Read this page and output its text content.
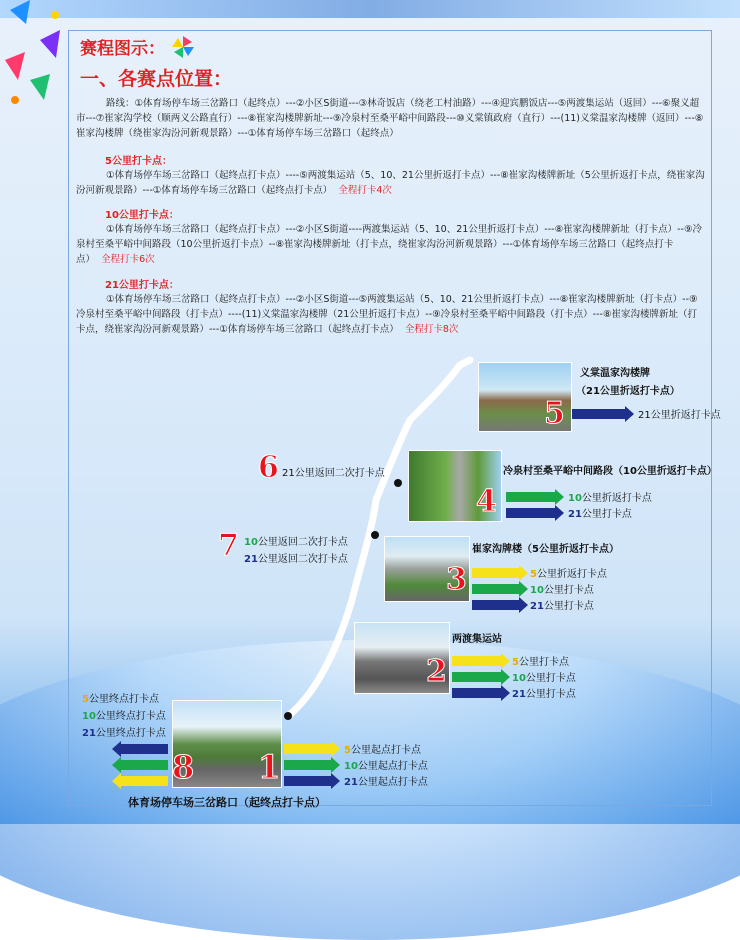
赛程图示：
一、各赛点位置：
路线：①体育场停车场三岔路口（起终点）---②小区S街道---③林奇饭店（绕老工村油路）---④迎宾鹏饭店---⑤两渡集运站（返回）---⑥聚义超市---⑦崔家沟学校（顺两义公路直行）---⑧崔家沟楼牌新址---⑨冷泉村至桑平峪中间路段---⑩义棠镇政府（直行）---(11)义棠温家沟楼牌（返回）---⑧崔家沟楼牌（绕崔家沟汾河新观景路）---①体育场停车场三岔路口（起终点）
5公里打卡点：
①体育场停车场三岔路口（起终点打卡点）----⑤两渡集运站（5、10、21公里折返打卡点）---⑧崔家沟楼牌新址（5公里折返打卡点，绕崔家沟汾河新观景路）---①体育场停车场三岔路口（起终点打卡点） 全程打卡4次
10公里打卡点：
①体育场停车场三岔路口（起终点打卡点）---②小区S街道----两渡集运站（5、10、21公里折返打卡点）---⑧崔家沟楼牌新址（打卡点）--⑨冷泉村至桑平峪中间路段（10公里折返打卡点）--⑧崔家沟楼牌新址（打卡点，绕崔家沟汾河新观景路）---①体育场停车场三岔路口（起终点打卡点） 全程打卡6次
21公里打卡点：
①体育场停车场三岔路口（起终点打卡点）---②小区S街道---⑤两渡集运站（5、10、21公里折返打卡点）---⑧崔家沟楼牌新址（打卡点）--⑨冷泉村至桑平峪中间路段（打卡点）----(11)义棠温家沟楼牌（21公里折返打卡点）--⑨冷泉村至桑平峪中间路段（打卡点）---⑧崔家沟楼牌新址（打卡点，绕崔家沟汾河新观景路）---①体育场停车场三岔路口（起终点打卡点） 全程打卡8次
5
义棠温家沟楼牌
（21公里折返打卡点）
21公里折返打卡点
6 21公里返回二次打卡点
4
冷泉村至桑平峪中间路段（10公里折返打卡点）
10公里折返打卡点
21公里打卡点
7 10公里返回二次打卡点
21公里返回二次打卡点
3
崔家沟牌楼（5公里折返打卡点）
5公里折返打卡点
10公里打卡点
21公里打卡点
2
两渡集运站
5公里打卡点
10公里打卡点
21公里打卡点
8 1
5公里终点打卡点
10公里终点打卡点
21公里终点打卡点
5公里起点打卡点
10公里起点打卡点
21公里起点打卡点
体育场停车场三岔路口（起终点打卡点）
